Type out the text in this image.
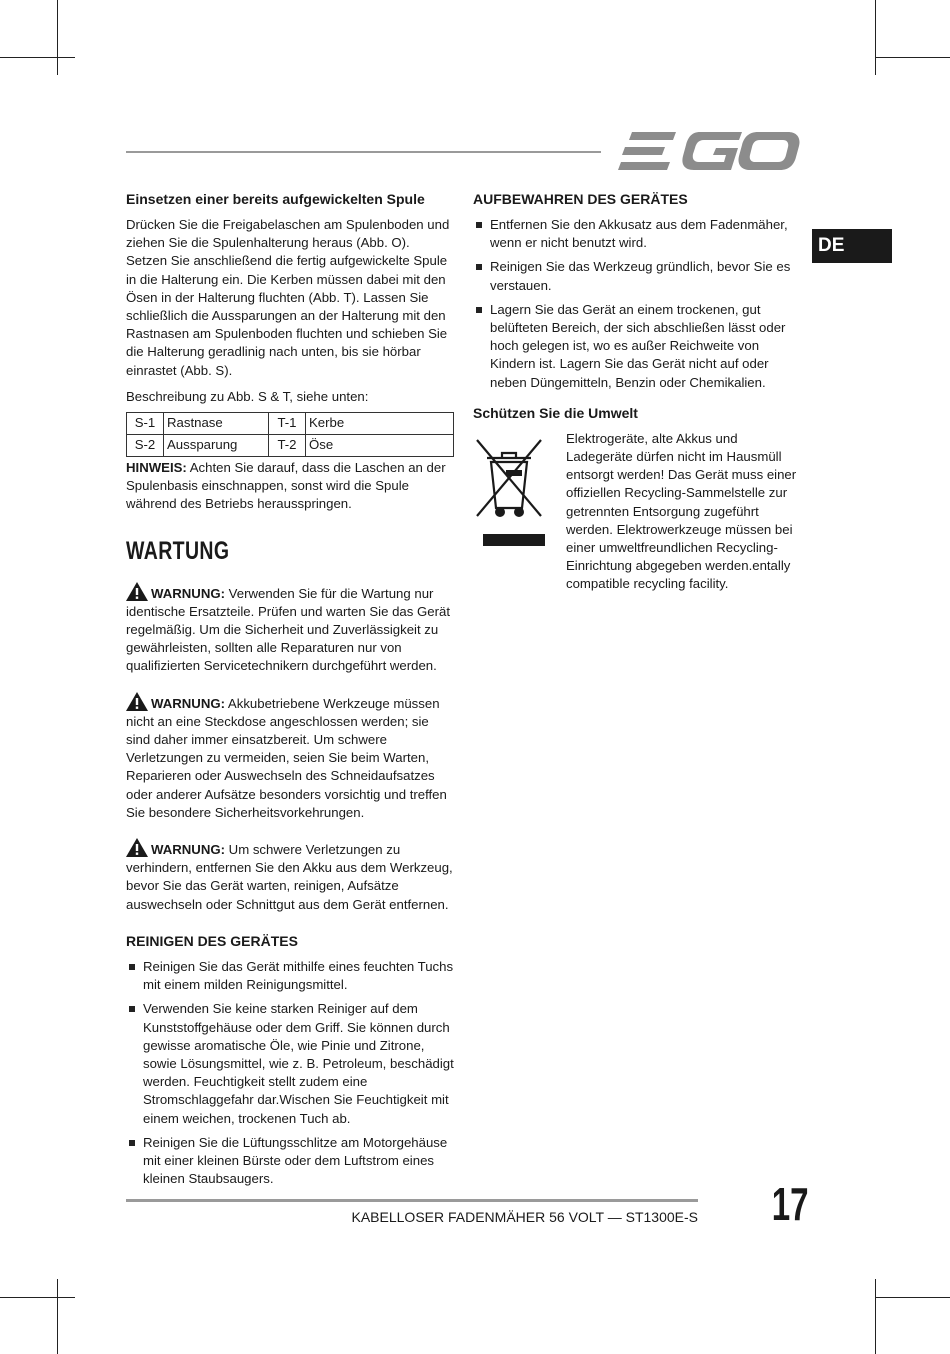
DE
Einsetzen einer bereits aufgewickelten Spule

Drücken Sie die Freigabelaschen am Spulenboden und ziehen Sie die Spulenhalterung heraus (Abb. O). Setzen Sie anschließend die fertig aufgewickelte Spule in die Halterung ein. Die Kerben müssen dabei mit den Ösen in der Halterung fluchten (Abb. T). Lassen Sie schließlich die Aussparungen an der Halterung mit den Rastnasen am Spulenboden fluchten und schieben Sie die Halterung geradlinig nach unten, bis sie hörbar einrastet (Abb. S).

Beschreibung zu Abb. S & T, siehe unten:

S-1	Rastnase	T-1	Kerbe
S-2	Aussparung	T-2	Öse

HINWEIS: Achten Sie darauf, dass die Laschen an der Spulenbasis einschnappen, sonst wird die Spule während des Betriebs herausspringen.

WARTUNG

WARNUNG: Verwenden Sie für die Wartung nur identische Ersatzteile. Prüfen und warten Sie das Gerät regelmäßig. Um die Sicherheit und Zuverlässigkeit zu gewährleisten, sollten alle Reparaturen nur von qualifizierten Servicetechnikern durchgeführt werden.

WARNUNG: Akkubetriebene Werkzeuge müssen nicht an eine Steckdose angeschlossen werden; sie sind daher immer einsatzbereit. Um schwere Verletzungen zu vermeiden, seien Sie beim Warten, Reparieren oder Auswechseln des Schneidaufsatzes oder anderer Aufsätze besonders vorsichtig und treffen Sie besondere Sicherheitsvorkehrungen.

WARNUNG: Um schwere Verletzungen zu verhindern, entfernen Sie den Akku aus dem Werkzeug, bevor Sie das Gerät warten, reinigen, Aufsätze auswechseln oder Schnittgut aus dem Gerät entfernen.

REINIGEN DES GERÄTES
Reinigen Sie das Gerät mithilfe eines feuchten Tuchs mit einem milden Reinigungsmittel.
Verwenden Sie keine starken Reiniger auf dem Kunststoffgehäuse oder dem Griff. Sie können durch gewisse aromatische Öle, wie Pinie und Zitrone, sowie Lösungsmittel, wie z. B. Petroleum, beschädigt werden. Feuchtigkeit stellt zudem eine Stromschlaggefahr dar.Wischen Sie Feuchtigkeit mit einem weichen, trockenen Tuch ab.
Reinigen Sie die Lüftungsschlitze am Motorgehäuse mit einer kleinen Bürste oder dem Luftstrom eines kleinen Staubsaugers.
AUFBEWAHREN DES GERÄTES
Entfernen Sie den Akkusatz aus dem Fadenmäher, wenn er nicht benutzt wird.
Reinigen Sie das Werkzeug gründlich, bevor Sie es verstauen.
Lagern Sie das Gerät an einem trockenen, gut belüfteten Bereich, der sich abschließen lässt oder hoch gelegen ist, wo es außer Reichweite von Kindern ist. Lagern Sie das Gerät nicht auf oder neben Düngemitteln, Benzin oder Chemikalien.
Schützen Sie die Umwelt

Elektrogeräte, alte Akkus und Ladegeräte dürfen nicht im Hausmüll entsorgt werden! Das Gerät muss einer offiziellen Recycling-Sammelstelle zur getrennten Entsorgung zugeführt werden. Elektrowerkzeuge müssen bei einer umweltfreundlichen Recycling-Einrichtung abgegeben werden.entally compatible recycling facility.

KABELLOSER FADENMÄHER 56 VOLT — ST1300E-S 17
